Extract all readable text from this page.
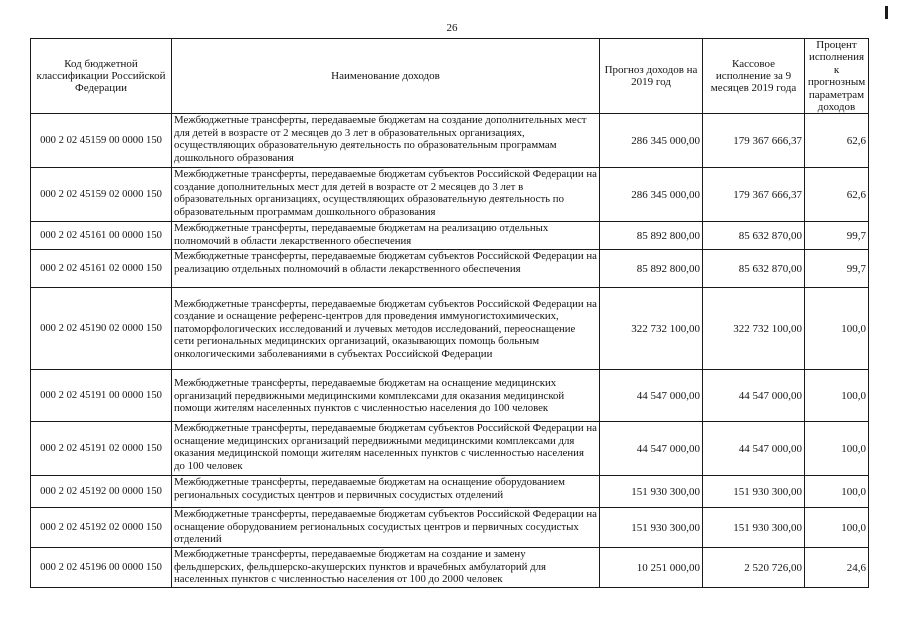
26
Код бюджетной классификации Российской Федерации	Наименование доходов	Прогноз доходов на 2019 год	Кассовое исполнение за 9 месяцев 2019 года	Процент исполнения к прогнозным параметрам доходов
000 2 02 45159 00 0000 150	Межбюджетные трансферты, передаваемые бюджетам на создание дополнительных мест для детей в возрасте от 2 месяцев до 3 лет в образовательных организациях, осуществляющих образовательную деятельность по образовательным программам дошкольного образования	286 345 000,00	179 367 666,37	62,6
000 2 02 45159 02 0000 150	Межбюджетные трансферты, передаваемые бюджетам субъектов Российской Федерации на создание дополнительных мест для детей в возрасте от 2 месяцев до 3 лет в образовательных организациях, осуществляющих образовательную деятельность по образовательным программам дошкольного образования	286 345 000,00	179 367 666,37	62,6
000 2 02 45161 00 0000 150	Межбюджетные трансферты, передаваемые бюджетам на реализацию отдельных полномочий в области лекарственного обеспечения	85 892 800,00	85 632 870,00	99,7
000 2 02 45161 02 0000 150	Межбюджетные трансферты, передаваемые бюджетам субъектов Российской Федерации на реализацию отдельных полномочий в области лекарственного обеспечения	85 892 800,00	85 632 870,00	99,7
000 2 02 45190 02 0000 150	Межбюджетные трансферты, передаваемые бюджетам субъектов Российской Федерации на создание и оснащение референс-центров для проведения иммуногистохимических, патоморфологических исследований и лучевых методов исследований, переоснащение сети региональных медицинских организаций, оказывающих помощь больным онкологическими заболеваниями в субъектах Российской Федерации	322 732 100,00	322 732 100,00	100,0
000 2 02 45191 00 0000 150	Межбюджетные трансферты, передаваемые бюджетам на оснащение медицинских организаций передвижными медицинскими комплексами для оказания медицинской помощи жителям населенных пунктов с численностью населения до 100 человек	44 547 000,00	44 547 000,00	100,0
000 2 02 45191 02 0000 150	Межбюджетные трансферты, передаваемые бюджетам субъектов Российской Федерации на оснащение медицинских организаций передвижными медицинскими комплексами для оказания медицинской помощи жителям населенных пунктов с численностью населения до 100 человек	44 547 000,00	44 547 000,00	100,0
000 2 02 45192 00 0000 150	Межбюджетные трансферты, передаваемые бюджетам на оснащение оборудованием региональных сосудистых центров и первичных сосудистых отделений	151 930 300,00	151 930 300,00	100,0
000 2 02 45192 02 0000 150	Межбюджетные трансферты, передаваемые бюджетам субъектов Российской Федерации на оснащение оборудованием региональных сосудистых центров и первичных сосудистых отделений	151 930 300,00	151 930 300,00	100,0
000 2 02 45196 00 0000 150	Межбюджетные трансферты, передаваемые бюджетам на создание и замену фельдшерских, фельдшерско-акушерских пунктов и врачебных амбулаторий для населенных пунктов с численностью населения от 100 до 2000 человек	10 251 000,00	2 520 726,00	24,6
